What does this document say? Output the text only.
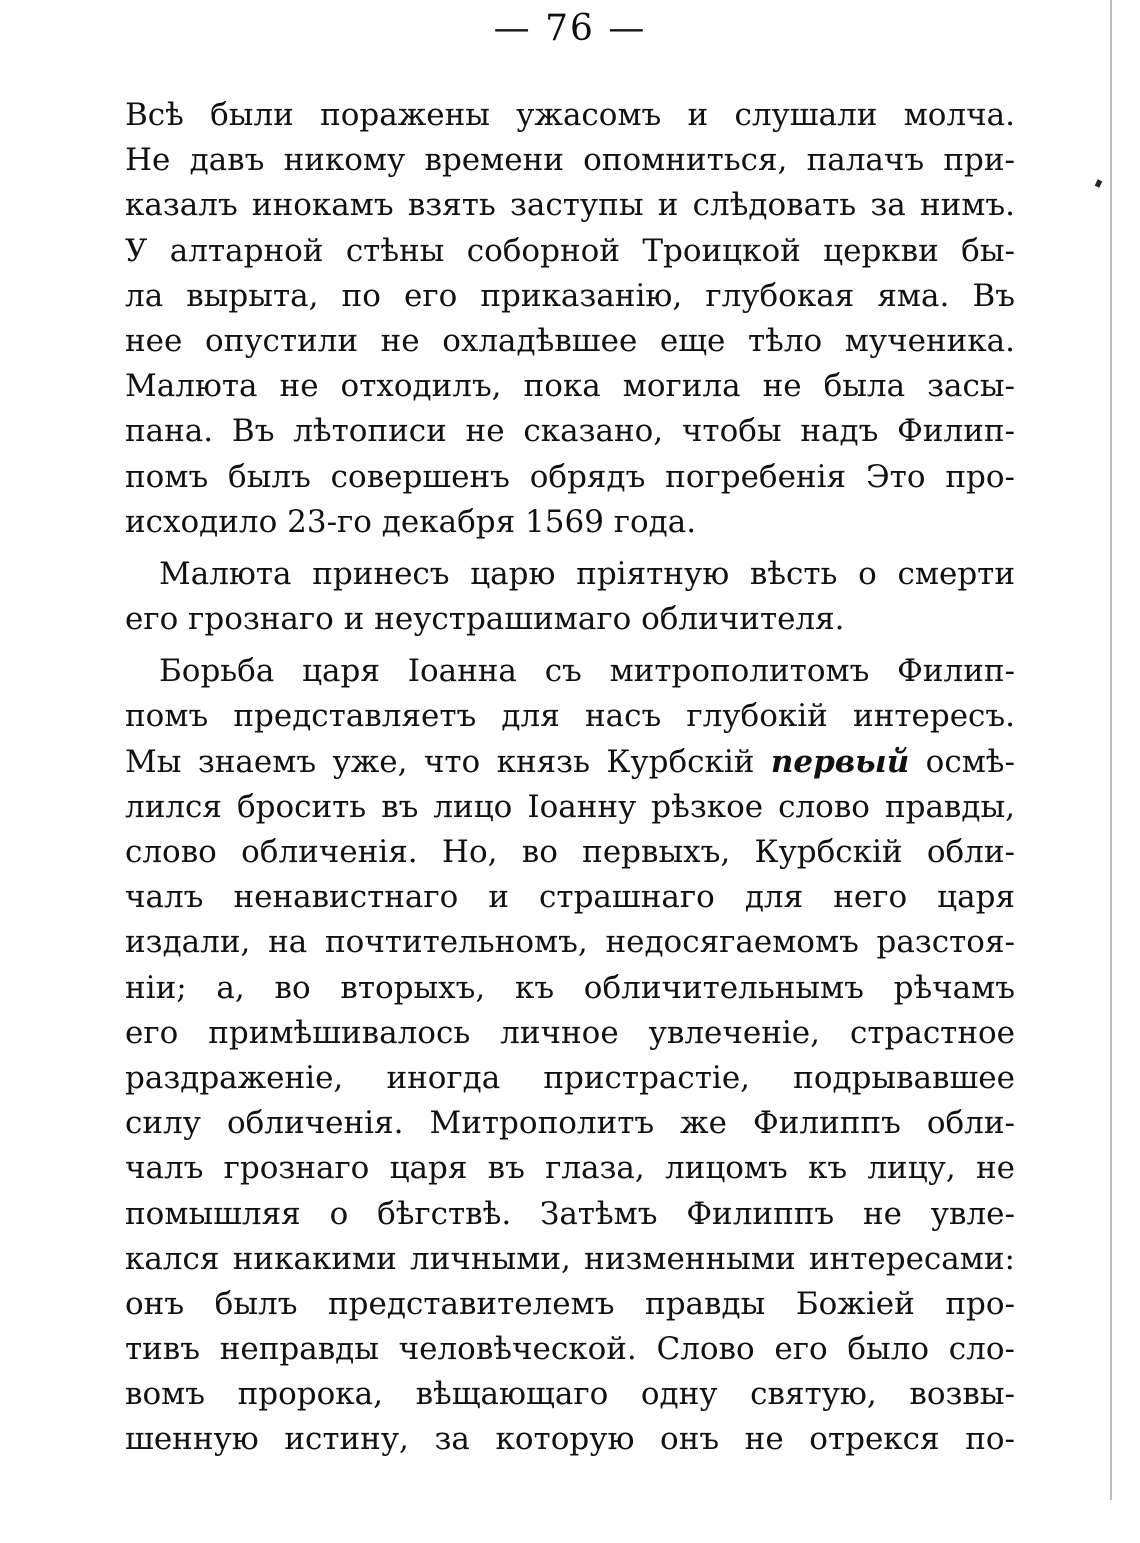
— 76 —
Всѣ были поражены ужасомъ и слушали молча.
Не давъ никому времени опомниться, палачъ при-
казалъ инокамъ взять заступы и слѣдовать за нимъ.
У алтарной стѣны соборной Троицкой церкви бы-
ла вырыта, по его приказанію, глубокая яма. Въ
нее опустили не охладѣвшее еще тѣло мученика.
Малюта не отходилъ, пока могила не была засы-
пана. Въ лѣтописи не сказано, чтобы надъ Филип-
помъ былъ совершенъ обрядъ погребенія Это про-
исходило 23-го декабря 1569 года.
Малюта принесъ царю пріятную вѣсть о смерти
его грознаго и неустрашимаго обличителя.
Борьба царя Іоанна съ митрополитомъ Филип-
помъ представляетъ для насъ глубокій интересъ.
Мы знаемъ уже, что князь Курбскій первый осмѣ-
лился бросить въ лицо Іоанну рѣзкое слово правды,
слово обличенія. Но, во первыхъ, Курбскій обли-
чалъ ненавистнаго и страшнаго для него царя
издали, на почтительномъ, недосягаемомъ разстоя-
ніи; а, во вторыхъ, къ обличительнымъ рѣчамъ
его примѣшивалось личное увлеченіе, страстное
раздраженіе, иногда пристрастіе, подрывавшее
силу обличенія. Митрополитъ же Филиппъ обли-
чалъ грознаго царя въ глаза, лицомъ къ лицу, не
помышляя о бѣгствѣ. Затѣмъ Филиппъ не увле-
кался никакими личными, низменными интересами:
онъ былъ представителемъ правды Божіей про-
тивъ неправды человѣческой. Слово его было сло-
вомъ пророка, вѣщающаго одну святую, возвы-
шенную истину, за которую онъ не отрекся по-
